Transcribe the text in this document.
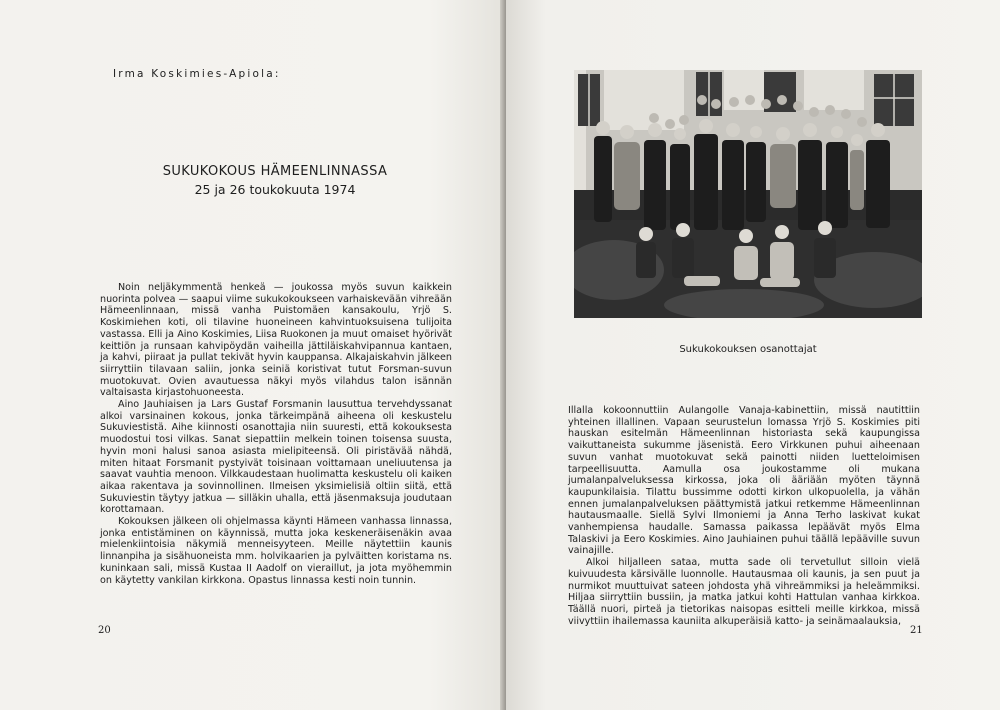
Irma Koskimies-Apiola:
SUKUKOKOUS HÄMEENLINNASSA
25 ja 26 toukokuuta 1974

Noin neljäkymmentä henkeä — joukossa myös suvun kaikkein nuorinta polvea — saapui viime sukukokoukseen varhaiskevään vihreään Hämeenlinnaan, missä vanha Puistomäen kansakoulu, Yrjö S. Koskimiehen koti, oli tilavine huoneineen kahvintuoksuisena tulijoita vastassa. Elli ja Aino Koskimies, Liisa Ruokonen ja muut omaiset hyörivät keittiön ja runsaan kahvipöydän vaiheilla jättiläiskahvipannua kantaen, ja kahvi, piiraat ja pullat tekivät hyvin kauppansa. Alkajaiskahvin jälkeen siirryttiin tilavaan saliin, jonka seiniä koristivat tutut Forsman-suvun muotokuvat. Ovien avautuessa näkyi myös vilahdus talon isännän valtaisasta kirjastohuoneesta.

Aino Jauhiaisen ja Lars Gustaf Forsmanin lausuttua tervehdyssanat alkoi varsinainen kokous, jonka tärkeimpänä aiheena oli keskustelu Sukuviestistä. Aihe kiinnosti osanottajia niin suuresti, että kokouksesta muodostui tosi vilkas. Sanat siepattiin melkein toinen toisensa suusta, hyvin moni halusi sanoa asiasta mielipiteensä. Oli piristävää nähdä, miten hitaat Forsmanit pystyivät toisinaan voittamaan uneliuutensa ja saavat vauhtia menoon. Vilkkaudestaan huolimatta keskustelu oli kaiken aikaa rakentava ja sovinnollinen. Ilmeisen yksimielisiä oltiin siitä, että Sukuviestin täytyy jatkua — silläkin uhalla, että jäsenmaksuja joudutaan korottamaan.

Kokouksen jälkeen oli ohjelmassa käynti Hämeen vanhassa linnassa, jonka entistäminen on käynnissä, mutta joka keskeneräisenäkin avaa mielenkiintoisia näkymiä menneisyyteen. Meille näytettiin kaunis linnanpiha ja sisähuoneista mm. holvikaarien ja pylväitten koristama ns. kuninkaan sali, missä Kustaa II Aadolf on vieraillut, ja jota myöhemmin on käytetty vankilan kirkkona. Opastus linnassa kesti noin tunnin.

20
Sukukokouksen osanottajat

Illalla kokoonnuttiin Aulangolle Vanaja-kabinettiin, missä nautittiin yhteinen illallinen. Vapaan seurustelun lomassa Yrjö S. Koskimies piti hauskan esitelmän Hämeenlinnan historiasta sekä kaupungissa vaikuttaneista sukumme jäsenistä. Eero Virkkunen puhui aiheenaan suvun vanhat muotokuvat sekä painotti niiden luetteloimisen tarpeellisuutta. Aamulla osa joukostamme oli mukana jumalanpalveluksessa kirkossa, joka oli ääriään myöten täynnä kaupunkilaisia. Tilattu bussimme odotti kirkon ulkopuolella, ja vähän ennen jumalanpalveluksen päättymistä jatkui retkemme Hämeenlinnan hautausmaalle. Siellä Sylvi Ilmoniemi ja Anna Terho laskivat kukat vanhempiensa haudalle. Samassa paikassa lepäävät myös Elma Talaskivi ja Eero Koskimies. Aino Jauhiainen puhui täällä lepääville suvun vainajille.

Alkoi hiljalleen sataa, mutta sade oli tervetullut silloin vielä kuivuudesta kärsivälle luonnolle. Hautausmaa oli kaunis, ja sen puut ja nurmikot muuttuivat sateen johdosta yhä vihreämmiksi ja heleämmiksi. Hiljaa siirryttiin bussiin, ja matka jatkui kohti Hattulan vanhaa kirkkoa. Täällä nuori, pirteä ja tietorikas naisopas esitteli meille kirkkoa, missä viivyttiin ihailemassa kauniita alkuperäisiä katto- ja seinämaalauksia,

21
